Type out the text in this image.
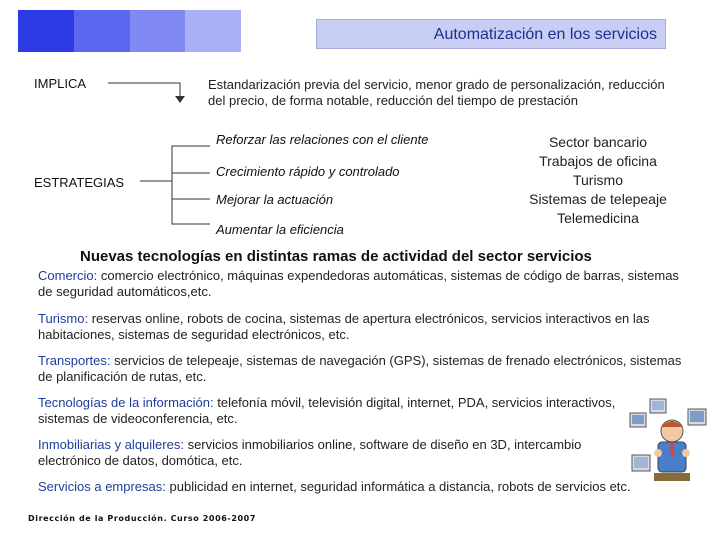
Automatización en los servicios
IMPLICA	Estandarización previa del servicio, menor grado de personalización, reducción del precio, de forma notable, reducción del tiempo de prestación
ESTRATEGIAS
Reforzar las relaciones con el cliente
Crecimiento rápido y controlado
Mejorar la actuación
Aumentar la eficiencia
Sector bancario
Trabajos de oficina
Turismo
Sistemas de telepeaje
Telemedicina
Nuevas tecnologías en distintas ramas de actividad del sector servicios
Comercio: comercio electrónico, máquinas expendedoras automáticas, sistemas de código de barras, sistemas de seguridad automáticos,etc.
Turismo: reservas online, robots de cocina, sistemas de apertura electrónicos, servicios interactivos en las habitaciones, sistemas de seguridad electrónicos, etc.
Transportes: servicios de telepeaje, sistemas de navegación (GPS), sistemas de frenado electrónicos, sistemas de planificación de rutas, etc.
Tecnologías de la información: telefonía móvil, televisión digital, internet, PDA, servicios interactivos, sistemas de videoconferencia, etc.
Inmobiliarias y alquileres: servicios inmobiliarios online, software de diseño en 3D, intercambio electrónico de datos, domótica, etc.
Servicios a empresas: publicidad en internet, seguridad informática a distancia, robots de servicios etc.
Dirección de la Producción. Curso 2006-2007
